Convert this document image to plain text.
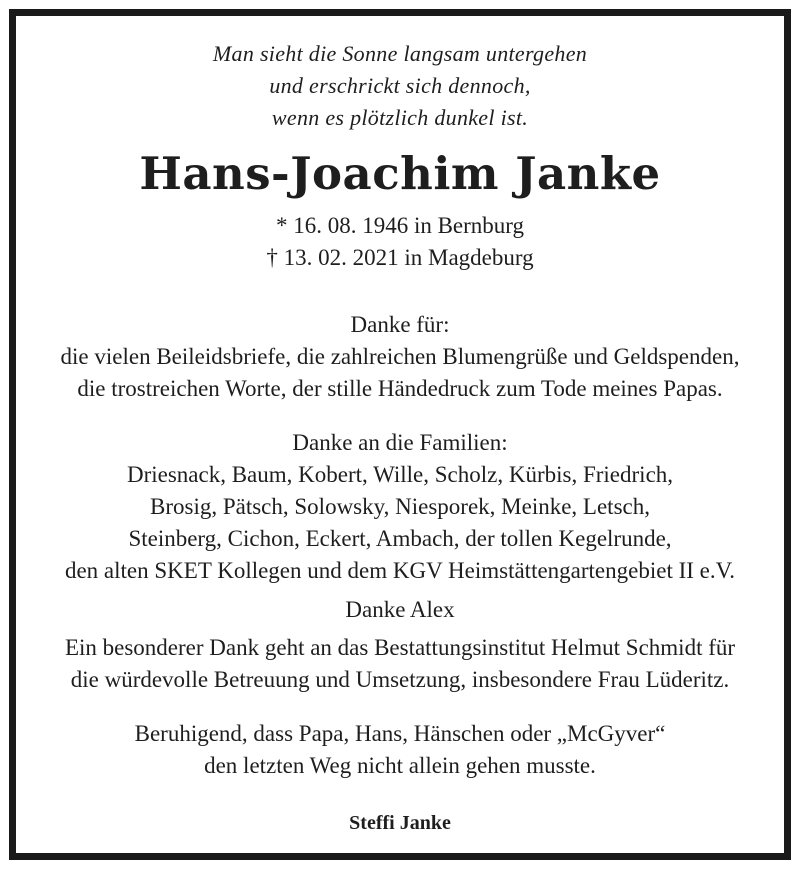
Man sieht die Sonne langsam untergehen
und erschrickt sich dennoch,
wenn es plötzlich dunkel ist.
Hans-Joachim Janke
* 16. 08. 1946 in Bernburg
† 13. 02. 2021 in Magdeburg
Danke für:
die vielen Beileidsbriefe, die zahlreichen Blumengrüße und Geldspenden,
die trostreichen Worte, der stille Händedruck zum Tode meines Papas.
Danke an die Familien:
Driesnack, Baum, Kobert, Wille, Scholz, Kürbis, Friedrich,
Brosig, Pätsch, Solowsky, Niesporek, Meinke, Letsch,
Steinberg, Cichon, Eckert, Ambach, der tollen Kegelrunde,
den alten SKET Kollegen und dem KGV Heimstättengartengebiet II e.V.
Danke Alex
Ein besonderer Dank geht an das Bestattungsinstitut Helmut Schmidt für
die würdevolle Betreuung und Umsetzung, insbesondere Frau Lüderitz.
Beruhigend, dass Papa, Hans, Hänschen oder „McGyver“
den letzten Weg nicht allein gehen musste.
Steffi Janke
